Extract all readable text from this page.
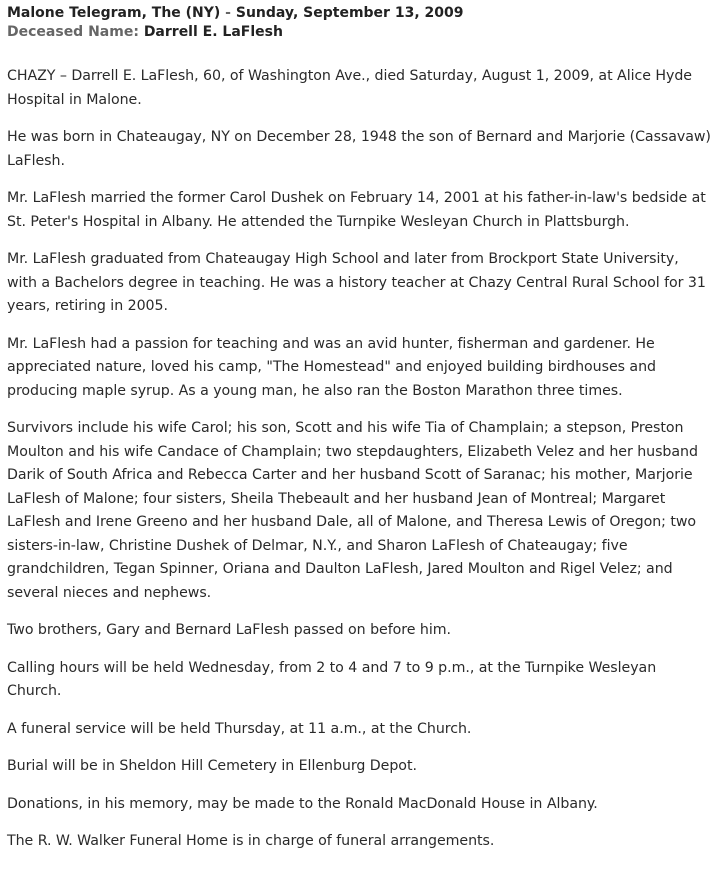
Malone Telegram, The (NY) - Sunday, September 13, 2009
Deceased Name: Darrell E. LaFlesh

CHAZY – Darrell E. LaFlesh, 60, of Washington Ave., died Saturday, August 1, 2009, at Alice Hyde Hospital in Malone.

He was born in Chateaugay, NY on December 28, 1948 the son of Bernard and Marjorie (Cassavaw) LaFlesh.

Mr. LaFlesh married the former Carol Dushek on February 14, 2001 at his father-in-law's bedside at St. Peter's Hospital in Albany. He attended the Turnpike Wesleyan Church in Plattsburgh.

Mr. LaFlesh graduated from Chateaugay High School and later from Brockport State University, with a Bachelors degree in teaching. He was a history teacher at Chazy Central Rural School for 31 years, retiring in 2005.

Mr. LaFlesh had a passion for teaching and was an avid hunter, fisherman and gardener. He appreciated nature, loved his camp, "The Homestead" and enjoyed building birdhouses and producing maple syrup. As a young man, he also ran the Boston Marathon three times.

Survivors include his wife Carol; his son, Scott and his wife Tia of Champlain; a stepson, Preston Moulton and his wife Candace of Champlain; two stepdaughters, Elizabeth Velez and her husband Darik of South Africa and Rebecca Carter and her husband Scott of Saranac; his mother, Marjorie LaFlesh of Malone; four sisters, Sheila Thebeault and her husband Jean of Montreal; Margaret LaFlesh and Irene Greeno and her husband Dale, all of Malone, and Theresa Lewis of Oregon; two sisters-in-law, Christine Dushek of Delmar, N.Y., and Sharon LaFlesh of Chateaugay; five grandchildren, Tegan Spinner, Oriana and Daulton LaFlesh, Jared Moulton and Rigel Velez; and several nieces and nephews.

Two brothers, Gary and Bernard LaFlesh passed on before him.

Calling hours will be held Wednesday, from 2 to 4 and 7 to 9 p.m., at the Turnpike Wesleyan Church.

A funeral service will be held Thursday, at 11 a.m., at the Church.

Burial will be in Sheldon Hill Cemetery in Ellenburg Depot.

Donations, in his memory, may be made to the Ronald MacDonald House in Albany.

The R. W. Walker Funeral Home is in charge of funeral arrangements.
